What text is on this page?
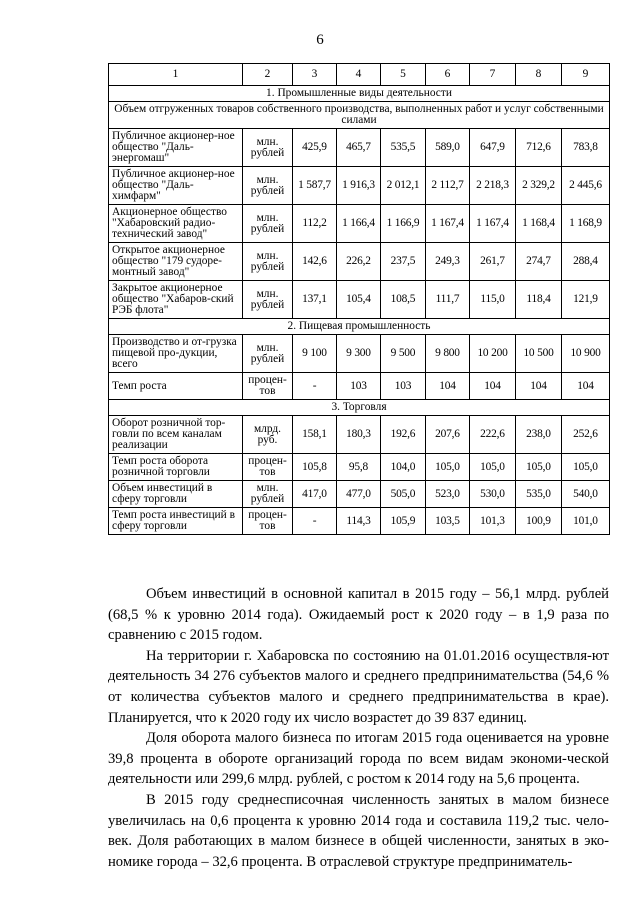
6
1	2	3	4	5	6	7	8	9
1. Промышленные виды деятельности								
Объем отгруженных товаров собственного производства, выполненных работ и услуг собственными силами								
Публичное акционер-ное общество "Даль-энергомаш"	млн. рублей	425,9	465,7	535,5	589,0	647,9	712,6	783,8
Публичное акционер-ное общество "Даль-химфарм"	млн. рублей	1 587,7	1 916,3	2 012,1	2 112,7	2 218,3	2 329,2	2 445,6
Акционерное общество "Хабаровский радио-технический завод"	млн. рублей	112,2	1 166,4	1 166,9	1 167,4	1 167,4	1 168,4	1 168,9
Открытое акционерное общество "179 судоре-монтный завод"	млн. рублей	142,6	226,2	237,5	249,3	261,7	274,7	288,4
Закрытое акционерное общество "Хабаров-ский РЭБ флота"	млн. рублей	137,1	105,4	108,5	111,7	115,0	118,4	121,9
2. Пищевая промышленность								
Производство и от-грузка пищевой про-дукции, всего	млн. рублей	9 100	9 300	9 500	9 800	10 200	10 500	10 900
Темп роста	процен-тов	-	103	103	104	104	104	104
3. Торговля								
Оборот розничной тор-говли по всем каналам реализации	млрд. руб.	158,1	180,3	192,6	207,6	222,6	238,0	252,6
Темп роста оборота розничной торговли	процен-тов	105,8	95,8	104,0	105,0	105,0	105,0	105,0
Объем инвестиций в сферу торговли	млн. рублей	417,0	477,0	505,0	523,0	530,0	535,0	540,0
Темп роста инвестиций в сферу торговли	процен-тов	-	114,3	105,9	103,5	101,3	100,9	101,0

Объем инвестиций в основной капитал в 2015 году – 56,1 млрд. рублей (68,5 % к уровню 2014 года). Ожидаемый рост к 2020 году – в 1,9 раза по сравнению с 2015 годом.

На территории г. Хабаровска по состоянию на 01.01.2016 осуществля-ют деятельность 34 276 субъектов малого и среднего предпринимательства (54,6 % от количества субъектов малого и среднего предпринимательства в крае). Планируется, что к 2020 году их число возрастет до 39 837 единиц.

Доля оборота малого бизнеса по итогам 2015 года оценивается на уровне 39,8 процента в обороте организаций города по всем видам экономи-ческой деятельности или 299,6 млрд. рублей, с ростом к 2014 году на 5,6 процента.

В 2015 году среднесписочная численность занятых в малом бизнесе увеличилась на 0,6 процента к уровню 2014 года и составила 119,2 тыс. чело-век. Доля работающих в малом бизнесе в общей численности, занятых в эко-номике города – 32,6 процента. В отраслевой структуре предприниматель-
